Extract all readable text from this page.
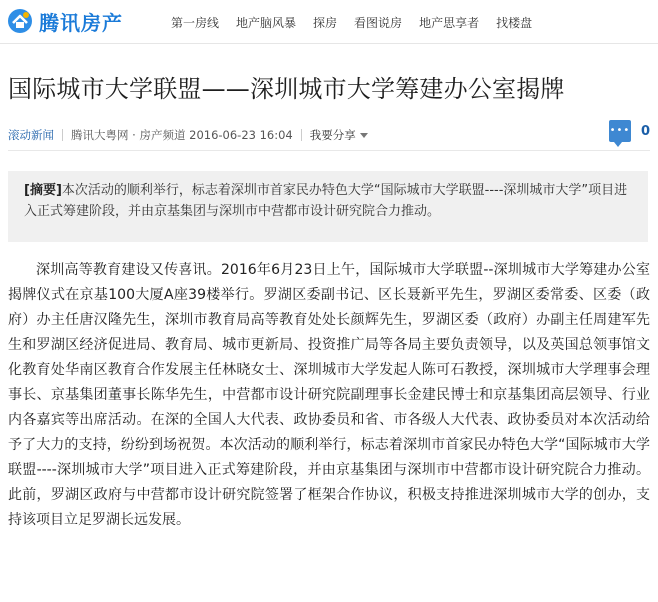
腾讯房产	第一房线 地产脑风暴 探房 看图说房 地产思享者 找楼盘
国际城市大学联盟——深圳城市大学筹建办公室揭牌
滚动新闻 腾讯大粤网 · 房产频道 2016-06-23 16:04 我要分享	••• 0
[摘要]本次活动的顺利举行，标志着深圳市首家民办特色大学“国际城市大学联盟----深圳城市大学”项目进入正式筹建阶段，并由京基集团与深圳市中营都市设计研究院合力推动。

深圳高等教育建设又传喜讯。2016年6月23日上午，国际城市大学联盟--深圳城市大学筹建办公室揭牌仪式在京基100大厦A座39楼举行。罗湖区委副书记、区长聂新平先生，罗湖区委常委、区委（政府）办主任唐汉隆先生，深圳市教育局高等教育处处长颜辉先生，罗湖区委（政府）办副主任周建军先生和罗湖区经济促进局、教育局、城市更新局、投资推广局等各局主要负责领导，以及英国总领事馆文化教育处华南区教育合作发展主任林晓女士、深圳城市大学发起人陈可石教授，深圳城市大学理事会理事长、京基集团董事长陈华先生，中营都市设计研究院副理事长金建民博士和京基集团高层领导、行业内各嘉宾等出席活动。在深的全国人大代表、政协委员和省、市各级人大代表、政协委员对本次活动给予了大力的支持，纷纷到场祝贺。本次活动的顺利举行，标志着深圳市首家民办特色大学“国际城市大学联盟----深圳城市大学”项目进入正式筹建阶段，并由京基集团与深圳市中营都市设计研究院合力推动。此前，罗湖区政府与中营都市设计研究院签署了框架合作协议，积极支持推进深圳城市大学的创办，支持该项目立足罗湖长远发展。
